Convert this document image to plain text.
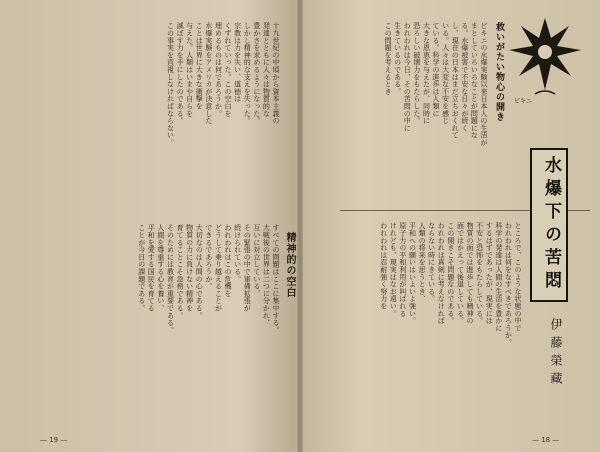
精神的の空白
— 19 —
十九世紀の中頃から資本主義の
発達とともに人々は物質的な
豊かさを求めるようになった。
しかし精神的な支えを失った。
宗教は力を失い、道徳は
くずれていった。この空白を
埋めるものは何であろうか。
水爆実験をアメリカが決意した
ことは世界に大きな衝撃を
与えた。人類はいまや自らを
滅ぼす力を手にしたのである。
この事実を直視しなければならない。
すべての問題はここに集中する。
大戦後の世界は二つに分かれ、
互いに対立している。
その緊張の中で軍備拡張が
続けられている。
われわれはこの危機を
どうして乗り越えることが
できるであろうか。
大切なのは人間の心である。
物質の力に負けない精神を
育てることこそ急務である。
そのためには教育が重要である。
人間を尊重する心を養い、
平和を愛する国民を育てる
ことが今日の課題である。
— 18 —
救いがたい物心の開き
ビキニの水爆実験以来日本人の生活が
まとしていろいろなことが問題にな
る。水爆被害で不安な日々が続く
し、現在の日本はまだ立ちおくれて
いる。人々は大変な不安を感じ
ている。科学の進歩は人類に
大きな恩恵を与えたが、同時に
恐ろしい破壊力をもたらした。
われわれは今日、その苦悶の中に
生きているのである。
この問題を考えるとき
ところで、このような状態の中で
われわれは何をなすべきであろうか。
科学の発達は人間の生活を豊かに
するはずであったが、現実には
不安と恐怖をもたらしている。
物質の面では進歩しても精神の
面ではかえって後退している。
この開きこそ問題なのである。
われわれは真剣に考えなければ
ならない時にきている。
人類の将来を思うとき、
平和への願いはいよいよ強い。
原子力の平和利用が叫ばれる
けれども、現実はなお遠い。
われわれは忍耐強く努力を
ビキニ
水爆下の苦悶
伊藤榮藏
